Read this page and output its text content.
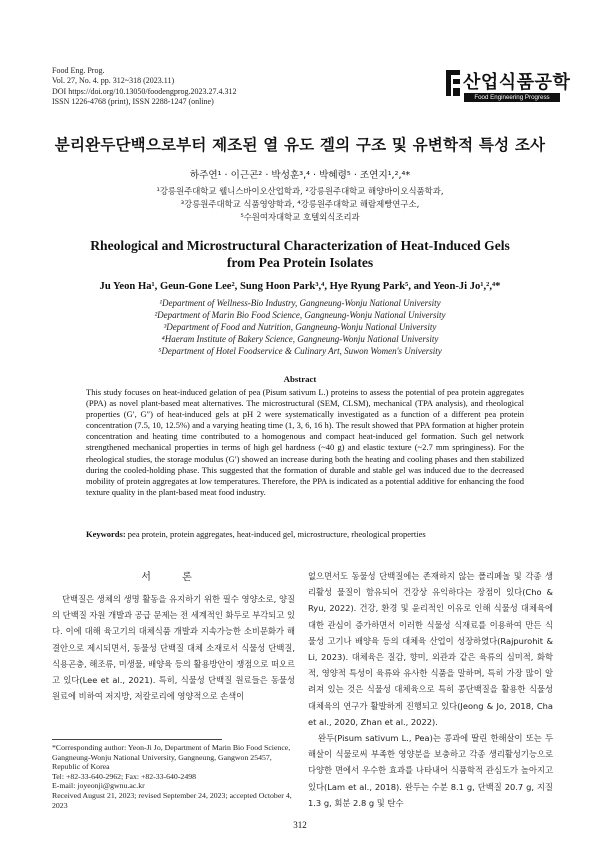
Food Eng. Prog.
Vol. 27, No. 4. pp. 312~318 (2023.11)
DOI https://doi.org/10.13050/foodengprog.2023.27.4.312
ISSN 1226-4768 (print), ISSN 2288-1247 (online)
산업식품공학
Food Engineering Progress
분리완두단백으로부터 제조된 열 유도 겔의 구조 및 유변학적 특성 조사
하주연¹ · 이근곤² · 박성훈³,⁴ · 박혜령⁵ · 조연지¹,²,⁴*
¹강릉원주대학교 웰니스바이오산업학과, ²강릉원주대학교 해양바이오식품학과,
³강릉원주대학교 식품영양학과, ⁴강릉원주대학교 해람제빵연구소,
⁵수원여자대학교 호텔외식조리과
Rheological and Microstructural Characterization of Heat-Induced Gels
from Pea Protein Isolates
Ju Yeon Ha¹, Geun-Gone Lee², Sung Hoon Park³,⁴, Hye Ryung Park⁵, and Yeon-Ji Jo¹,²,⁴*
¹Department of Wellness-Bio Industry, Gangneung-Wonju National University
²Department of Marin Bio Food Science, Gangneung-Wonju National University
³Department of Food and Nutrition, Gangneung-Wonju National University
⁴Haeram Institute of Bakery Science, Gangneung-Wonju National University
⁵Department of Hotel Foodservice & Culinary Art, Suwon Women's University
Abstract
This study focuses on heat-induced gelation of pea (Pisum sativum L.) proteins to assess the potential of pea protein aggregates (PPA) as novel plant-based meat alternatives. The microstructural (SEM, CLSM), mechanical (TPA analysis), and rheological properties (G′, G″) of heat-induced gels at pH 2 were systematically investigated as a function of a different pea protein concentration (7.5, 10, 12.5%) and a varying heating time (1, 3, 6, 16 h). The result showed that PPA formation at higher protein concentration and heating time contributed to a homogenous and compact heat-induced gel formation. Such gel network strengthened mechanical properties in terms of high gel hardness (~40 g) and elastic texture (~2.7 mm springiness). For the rheological studies, the storage modulus (G′) showed an increase during both the heating and cooling phases and then stabilized during the cooled-holding phase. This suggested that the formation of durable and stable gel was induced due to the decreased mobility of protein aggregates at low temperatures. Therefore, the PPA is indicated as a potential additive for enhancing the food texture quality in the plant-based meat food industry.
Keywords: pea protein, protein aggregates, heat-induced gel, microstructure, rheological properties
서 론

단백질은 생체의 생명 활동을 유지하기 위한 필수 영양소로, 양질의 단백질 자원 개발과 공급 문제는 전 세계적인 화두로 부각되고 있다. 이에 대해 육고기의 대체식품 개발과 지속가능한 소비문화가 해결안으로 제시되면서, 동물성 단백질 대체 소재로서 식물성 단백질, 식용곤충, 해조류, 미생물, 배양육 등의 활용방안이 쟁점으로 떠오르고 있다(Lee et al., 2021). 특히, 식물성 단백질 원료들은 동물성 원료에 비하여 저지방, 저칼로리에 영양적으로 손색이

*Corresponding author: Yeon-Ji Jo, Department of Marin Bio Food Science, Gangneung-Wonju National University, Gangneung, Gangwon 25457, Republic of Korea
Tel: +82-33-640-2962; Fax: +82-33-640-2498
E-mail: joyeonji@gwnu.ac.kr
Received August 21, 2023; revised September 24, 2023; accepted October 4, 2023

없으면서도 동물성 단백질에는 존재하지 않는 폴리페놀 및 각종 생리활성 물질이 함유되어 건강상 유익하다는 장점이 있다(Cho & Ryu, 2022). 건강, 환경 및 윤리적인 이유로 인해 식물성 대체육에 대한 관심이 증가하면서 이러한 식물성 식재료를 이용하여 만든 식물성 고기나 배양육 등의 대체육 산업이 성장하였다(Rajpurohit & Li, 2023). 대체육은 질감, 향미, 외관과 같은 육류의 심미적, 화학적, 영양적 특성이 육류와 유사한 식품을 말하며, 특히 가장 많이 알려져 있는 것은 식물성 대체육으로 특히 콩단백질을 활용한 식물성 대체육의 연구가 활발하게 진행되고 있다(Jeong & Jo, 2018, Cha et al., 2020, Zhan et al., 2022).

완두(Pisum sativum L., Pea)는 콩과에 딸린 한해살이 또는 두해살이 식물로써 부족한 영양분을 보충하고 각종 생리활성기능으로 다양한 면에서 우수한 효과를 나타내어 식품학적 관심도가 높아지고 있다(Lam et al., 2018). 완두는 수분 8.1 g, 단백질 20.7 g, 지질 1.3 g, 회분 2.8 g 및 탄수

312
